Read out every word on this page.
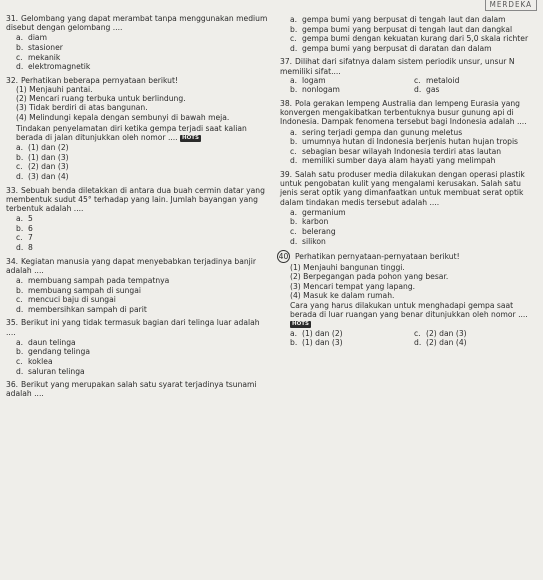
MERDEKA
31. Gelombang yang dapat merambat tanpa menggunakan medium disebut dengan gelombang ....
a. diam
b. stasioner
c. mekanik
d. elektromagnetik
32. Perhatikan beberapa pernyataan berikut!
(1) Menjauhi pantai.
(2) Mencari ruang terbuka untuk berlindung.
(3) Tidak berdiri di atas bangunan.
(4) Melindungi kepala dengan sembunyi di bawah meja.
Tindakan penyelamatan diri ketika gempa terjadi saat kalian berada di jalan ditunjukkan oleh nomor .... HOTS
a. (1) dan (2)
b. (1) dan (3)
c. (2) dan (3)
d. (3) dan (4)
33. Sebuah benda diletakkan di antara dua buah cermin datar yang membentuk sudut 45° terhadap yang lain. Jumlah bayangan yang terbentuk adalah ....
a. 5
b. 6
c. 7
d. 8
34. Kegiatan manusia yang dapat menyebabkan terjadinya banjir adalah ....
a. membuang sampah pada tempatnya
b. membuang sampah di sungai
c. mencuci baju di sungai
d. membersihkan sampah di parit
35. Berikut ini yang tidak termasuk bagian dari telinga luar adalah ....
a. daun telinga
b. gendang telinga
c. koklea
d. saluran telinga
36. Berikut yang merupakan salah satu syarat terjadinya tsunami adalah ....
a. gempa bumi yang berpusat di tengah laut dan dalam
b. gempa bumi yang berpusat di tengah laut dan dangkal
c. gempa bumi dengan kekuatan kurang dari 5,0 skala richter
d. gempa bumi yang berpusat di daratan dan dalam
37. Dilihat dari sifatnya dalam sistem periodik unsur, unsur N memiliki sifat....
a. logam	c. metaloid
b. nonlogam	d. gas
38. Pola gerakan lempeng Australia dan lempeng Eurasia yang konvergen mengakibatkan terbentuknya busur gunung api di Indonesia. Dampak fenomena tersebut bagi Indonesia adalah ....
a. sering terjadi gempa dan gunung meletus
b. umumnya hutan di Indonesia berjenis hutan hujan tropis
c. sebagian besar wilayah Indonesia terdiri atas lautan
d. memiliki sumber daya alam hayati yang melimpah
39. Salah satu produser media dilakukan dengan operasi plastik untuk pengobatan kulit yang mengalami kerusakan. Salah satu jenis serat optik yang dimanfaatkan untuk membuat serat optik dalam tindakan medis tersebut adalah ....
a. germanium
b. karbon
c. belerang
d. silikon
40 Perhatikan pernyataan-pernyataan berikut!
(1) Menjauhi bangunan tinggi.
(2) Berpegangan pada pohon yang besar.
(3) Mencari tempat yang lapang.
(4) Masuk ke dalam rumah.
Cara yang harus dilakukan untuk menghadapi gempa saat berada di luar ruangan yang benar ditunjukkan oleh nomor .... HOTS
a. (1) dan (2)	c. (2) dan (3)
b. (1) dan (3)	d. (2) dan (4)
